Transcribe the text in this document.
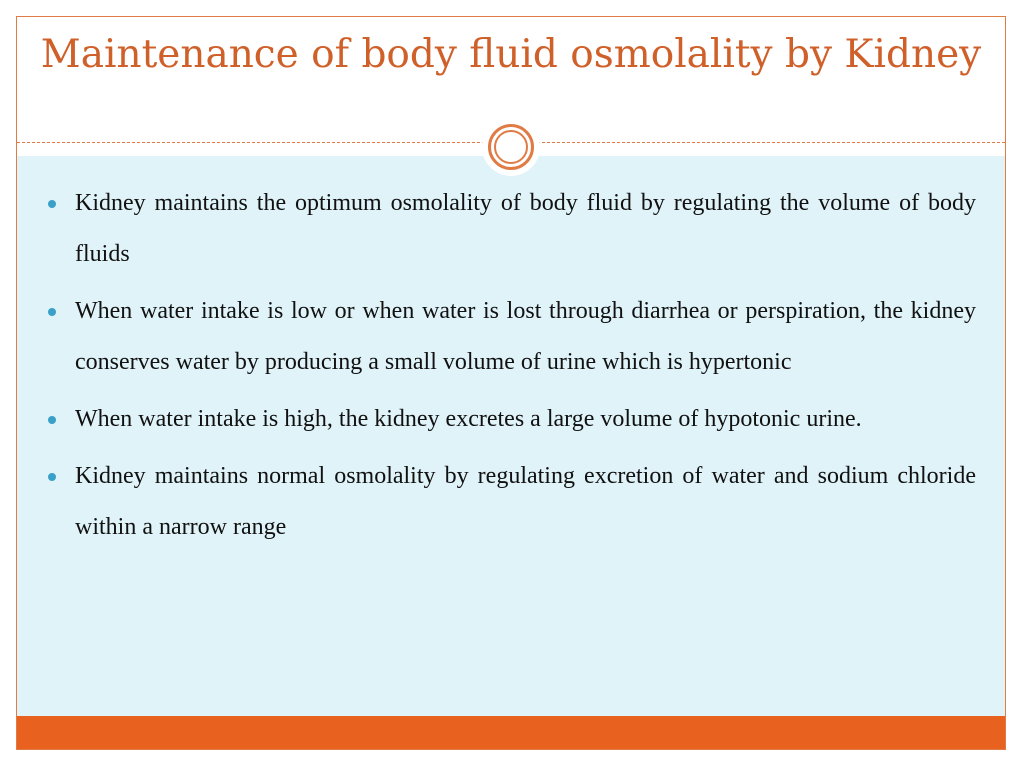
Maintenance of body fluid osmolality by Kidney
Kidney maintains the optimum osmolality of body fluid by regulating the volume of body fluids
When water intake is low or when water is lost through diarrhea or perspiration, the kidney conserves water by producing a small volume of urine which is hypertonic
When water intake is high, the kidney excretes a large volume of hypotonic urine.
Kidney maintains normal osmolality by regulating excretion of water and sodium chloride within a narrow range
